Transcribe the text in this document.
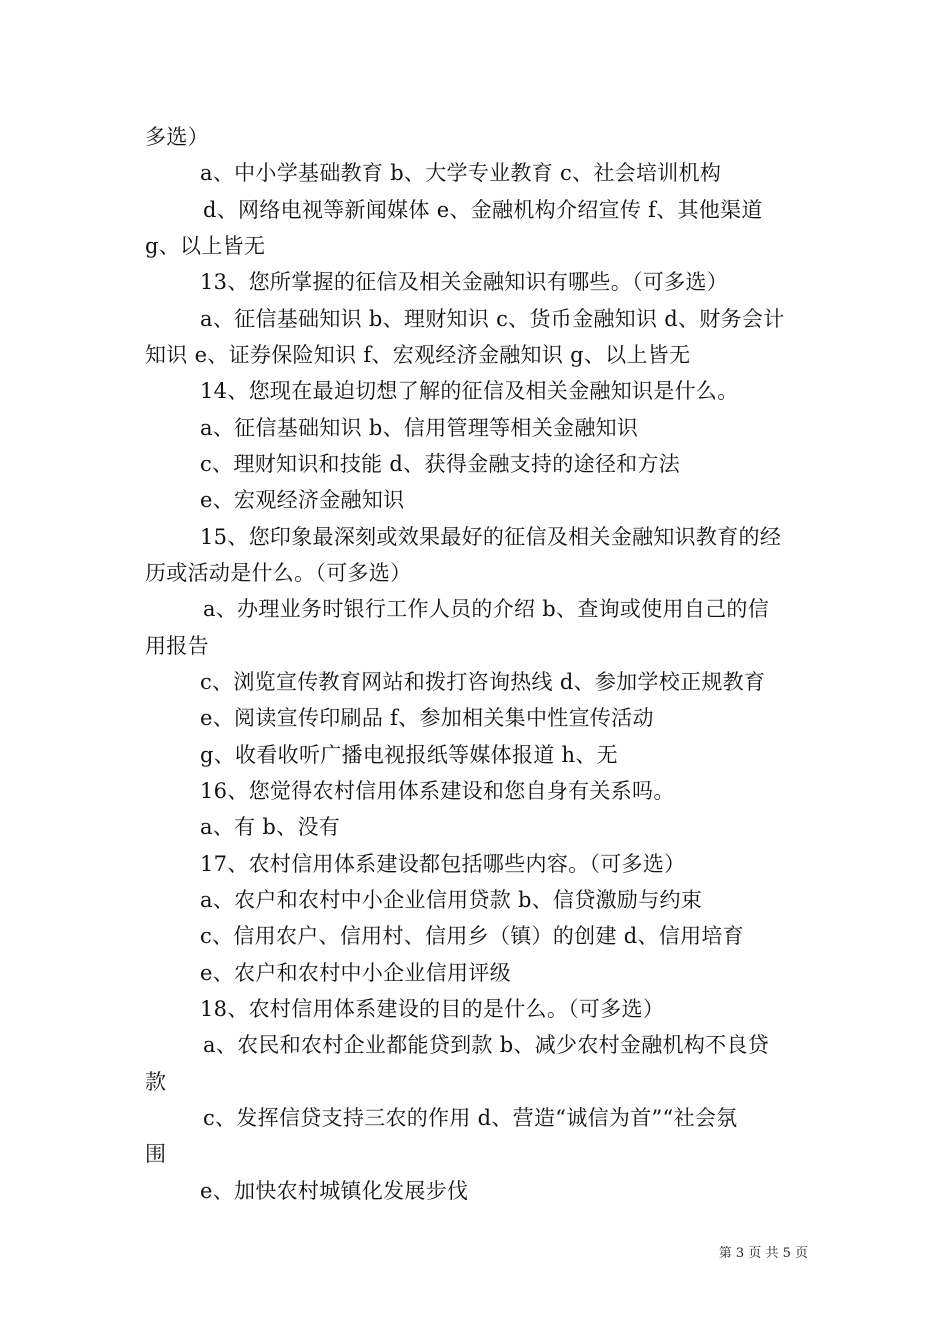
多选）
a、中小学基础教育 b、大学专业教育 c、社会培训机构
d、网络电视等新闻媒体 e、金融机构介绍宣传 f、其他渠道
g、以上皆无
13、您所掌握的征信及相关金融知识有哪些。（可多选）
a、征信基础知识 b、理财知识 c、货币金融知识 d、财务会计
知识 e、证券保险知识 f、宏观经济金融知识 g、以上皆无
14、您现在最迫切想了解的征信及相关金融知识是什么。
a、征信基础知识 b、信用管理等相关金融知识
c、理财知识和技能 d、获得金融支持的途径和方法
e、宏观经济金融知识
15、您印象最深刻或效果最好的征信及相关金融知识教育的经
历或活动是什么。（可多选）
a、办理业务时银行工作人员的介绍 b、查询或使用自己的信
用报告
c、浏览宣传教育网站和拨打咨询热线 d、参加学校正规教育
e、阅读宣传印刷品 f、参加相关集中性宣传活动
g、收看收听广播电视报纸等媒体报道 h、无
16、您觉得农村信用体系建设和您自身有关系吗。
a、有 b、没有
17、农村信用体系建设都包括哪些内容。（可多选）
a、农户和农村中小企业信用贷款 b、信贷激励与约束
c、信用农户、信用村、信用乡（镇）的创建 d、信用培育
e、农户和农村中小企业信用评级
18、农村信用体系建设的目的是什么。（可多选）
a、农民和农村企业都能贷到款 b、减少农村金融机构不良贷
款
c、发挥信贷支持三农的作用 d、营造“诚信为首”“社会氛
围
e、加快农村城镇化发展步伐
第 3 页 共 5 页
